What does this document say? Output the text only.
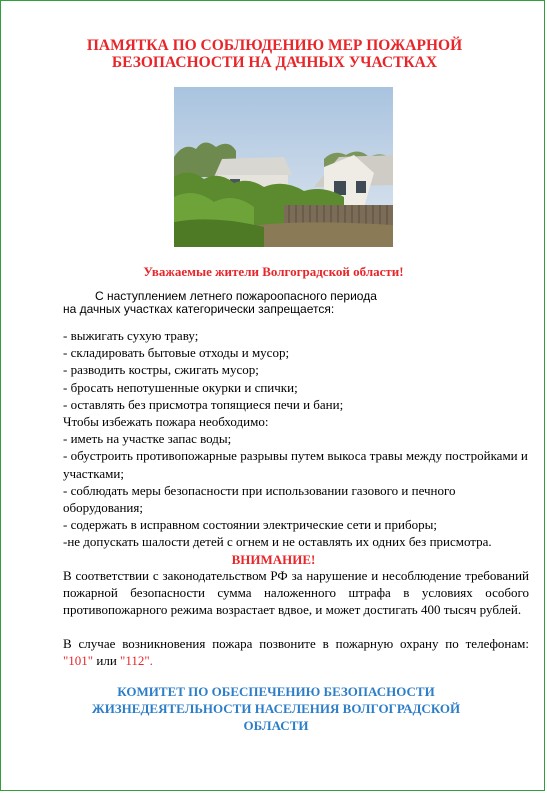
ПАМЯТКА ПО СОБЛЮДЕНИЮ МЕР ПОЖАРНОЙ БЕЗОПАСНОСТИ НА ДАЧНЫХ УЧАСТКАХ
Уважаемые жители Волгоградской области!
С наступлением летнего пожароопасного периода
на дачных участках категорически запрещается:
- выжигать сухую траву;
- складировать бытовые отходы и мусор;
- разводить костры, сжигать мусор;
- бросать непотушенные окурки и спички;
- оставлять без присмотра топящиеся печи и бани;
Чтобы избежать пожара необходимо:
- иметь на участке запас воды;
- обустроить противопожарные разрывы путем выкоса травы между постройками и участками;
- соблюдать меры безопасности при использовании газового и печного оборудования;
- содержать в исправном состоянии электрические сети и приборы;
-не допускать шалости детей с огнем и не оставлять их одних без присмотра.
ВНИМАНИЕ!

В соответствии с законодательством РФ за нарушение и несоблюдение требований пожарной безопасности сумма наложенного штрафа в условиях особого противопожарного режима возрастает вдвое, и может достигать 400 тысяч рублей.

В случае возникновения пожара позвоните в пожарную охрану по телефонам: "101" или "112".

КОМИТЕТ ПО ОБЕСПЕЧЕНИЮ БЕЗОПАСНОСТИ ЖИЗНЕДЕЯТЕЛЬНОСТИ НАСЕЛЕНИЯ ВОЛГОГРАДСКОЙ ОБЛАСТИ
